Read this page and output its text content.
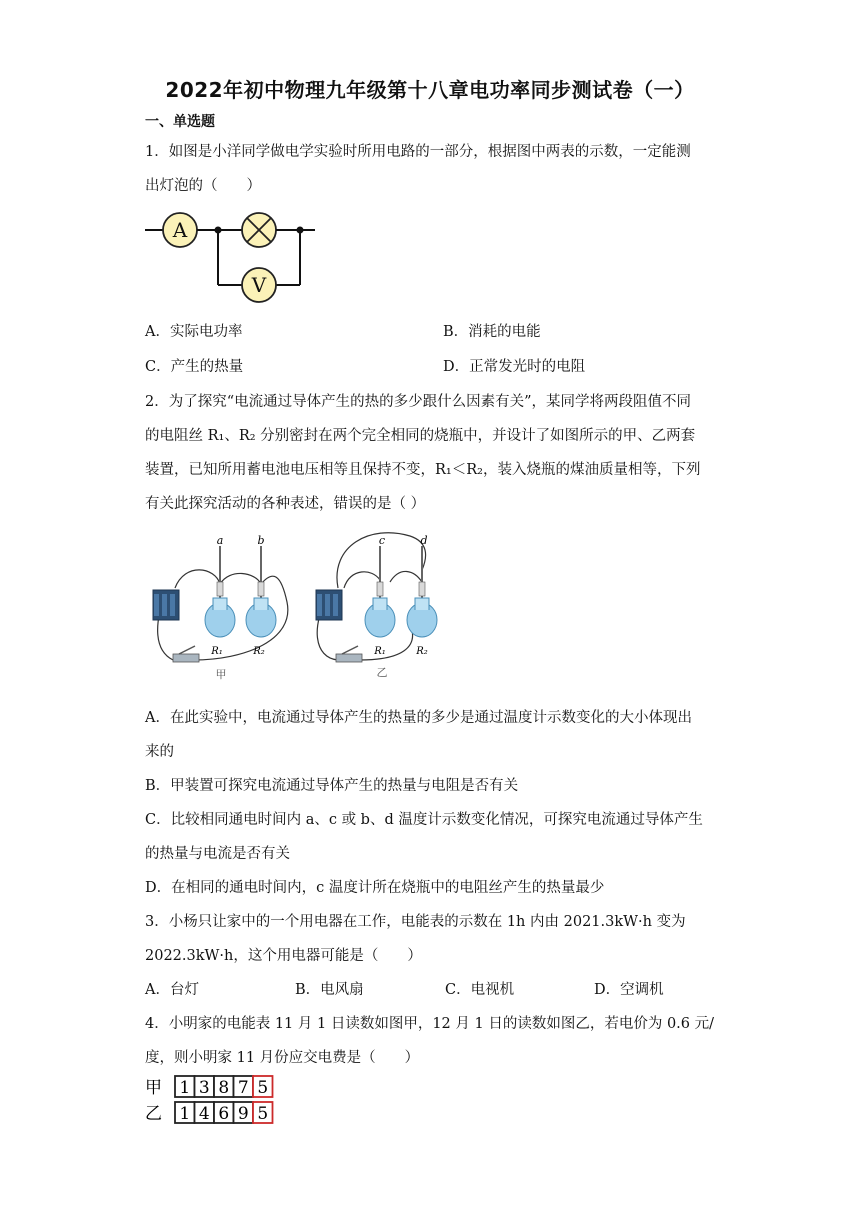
2022年初中物理九年级第十八章电功率同步测试卷（一）
一、单选题
1．如图是小洋同学做电学实验时所用电路的一部分，根据图中两表的示数，一定能测
出灯泡的（　　）
A
V
A．实际电功率	B．消耗的电能
C．产生的热量	D．正常发光时的电阻
2．为了探究“电流通过导体产生的热的多少跟什么因素有关”，某同学将两段阻值不同
的电阻丝 R₁、R₂ 分别密封在两个完全相同的烧瓶中，并设计了如图所示的甲、乙两套
装置，已知所用蓄电池电压相等且保持不变，R₁＜R₂，装入烧瓶的煤油质量相等，下列
有关此探究活动的各种表述，错误的是（ ）
a	b
R₁	R₂
甲
c	d
R₁	R₂
乙
A．在此实验中，电流通过导体产生的热量的多少是通过温度计示数变化的大小体现出
来的
B．甲装置可探究电流通过导体产生的热量与电阻是否有关
C．比较相同通电时间内 a、c 或 b、d 温度计示数变化情况，可探究电流通过导体产生
的热量与电流是否有关
D．在相同的通电时间内，c 温度计所在烧瓶中的电阻丝产生的热量最少
3．小杨只让家中的一个用电器在工作，电能表的示数在 1h 内由 2021.3kW·h 变为
2022.3kW·h，这个用电器可能是（　　）
A．台灯	B．电风扇	C．电视机	D．空调机
4．小明家的电能表 11 月 1 日读数如图甲，12 月 1 日的读数如图乙，若电价为 0.6 元/
度，则小明家 11 月份应交电费是（　　）
甲 1 3 8 7 5
乙 1 4 6 9 5
